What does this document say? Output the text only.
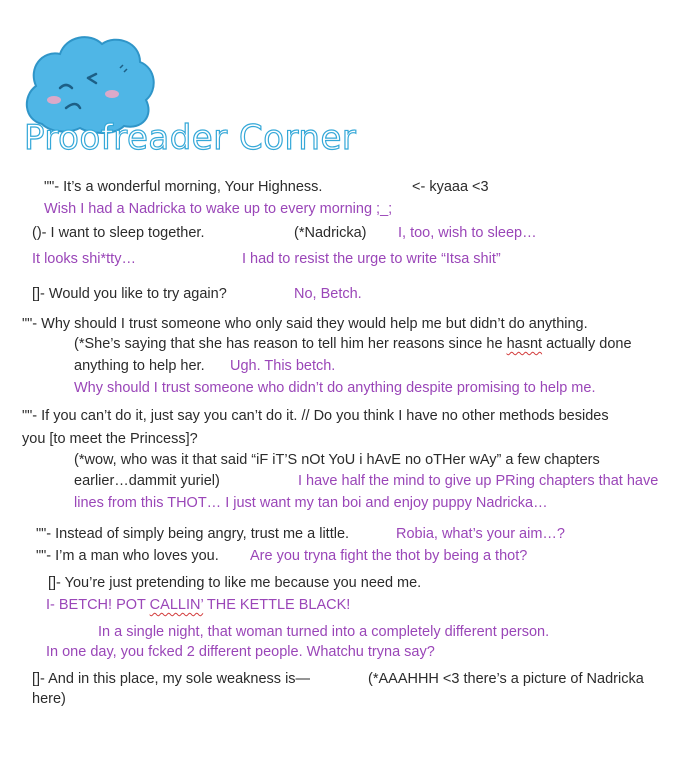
Proofreader Corner
""- It’s a wonderful morning, Your Highness.	<- kyaaa <3
Wish I had a Nadricka to wake up to every morning ;_;
()- I want to sleep together.	(*Nadricka) I, too, wish to sleep…
It looks shi*tty…	I had to resist the urge to write “Itsa shit”
[]- Would you like to try again?	No, Betch.
""- Why should I trust someone who only said they would help me but didn’t do anything.
(*She’s saying that she has reason to tell him her reasons since he hasnt actually done
anything to help her. Ugh. This betch.
Why should I trust someone who didn’t do anything despite promising to help me.
""- If you can’t do it, just say you can’t do it. // Do you think I have no other methods besides
you [to meet the Princess]?
(*wow, who was it that said “iF iT’S nOt YoU i hAvE no oTHer wAy” a few chapters
earlier…dammit yuriel)	I have half the mind to give up PRing chapters that have
lines from this THOT… I just want my tan boi and enjoy puppy Nadricka…
""- Instead of simply being angry, trust me a little.	Robia, what’s your aim…?
""- I’m a man who loves you. Are you tryna fight the thot by being a thot?
[]- You’re just pretending to like me because you need me.
I- BETCH! POT CALLIN’ THE KETTLE BLACK!
In a single night, that woman turned into a completely different person.
In one day, you fcked 2 different people. Whatchu tryna say?
[]- And in this place, my sole weakness is—	(*AAAHHH <3 there’s a picture of Nadricka
here)
